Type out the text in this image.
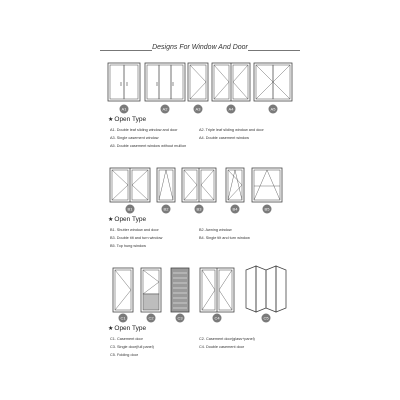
Designs For Window And Door
A1	A2	A3	A4	A5
B1	B2	B3	B4	B5
C1	C2	C3	C4	C5
★Open Type
A1. Double leaf sliding window and door	A2. Triple leaf sliding window and door
A3. Single casement window	A4. Double casement window
A5. Double casement window without mullion
★Open Type
B1. Shutter window and door	B2. Awning window
B3. Double tilt and turn window	B4. Single tilt and turn window
B5. Top hung window
★Open Type
C1. Casement door	C2. Casement door(glass+panel)
C3. Single door(full panel)	C4. Double casement door
C5. Folding door
